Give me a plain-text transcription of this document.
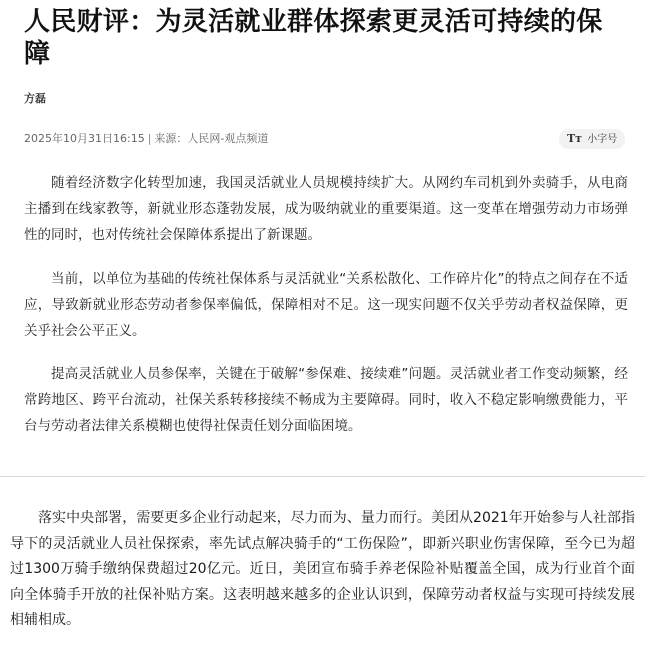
人民财评：为灵活就业群体探索更灵活可持续的保障
方磊
2025年10月31日16:15 | 来源：人民网-观点频道	Tт 小字号

随着经济数字化转型加速，我国灵活就业人员规模持续扩大。从网约车司机到外卖骑手，从电商主播到在线家教等，新就业形态蓬勃发展，成为吸纳就业的重要渠道。这一变革在增强劳动力市场弹性的同时，也对传统社会保障体系提出了新课题。

当前，以单位为基础的传统社保体系与灵活就业“关系松散化、工作碎片化”的特点之间存在不适应，导致新就业形态劳动者参保率偏低，保障相对不足。这一现实问题不仅关乎劳动者权益保障，更关乎社会公平正义。

提高灵活就业人员参保率，关键在于破解“参保难、接续难”问题。灵活就业者工作变动频繁，经常跨地区、跨平台流动，社保关系转移接续不畅成为主要障碍。同时，收入不稳定影响缴费能力，平台与劳动者法律关系模糊也使得社保责任划分面临困境。

落实中央部署，需要更多企业行动起来，尽力而为、量力而行。美团从2021年开始参与人社部指导下的灵活就业人员社保探索，率先试点解决骑手的“工伤保险”，即新兴职业伤害保障，至今已为超过1300万骑手缴纳保费超过20亿元。近日，美团宣布骑手养老保险补贴覆盖全国，成为行业首个面向全体骑手开放的社保补贴方案。这表明越来越多的企业认识到，保障劳动者权益与实现可持续发展相辅相成。
